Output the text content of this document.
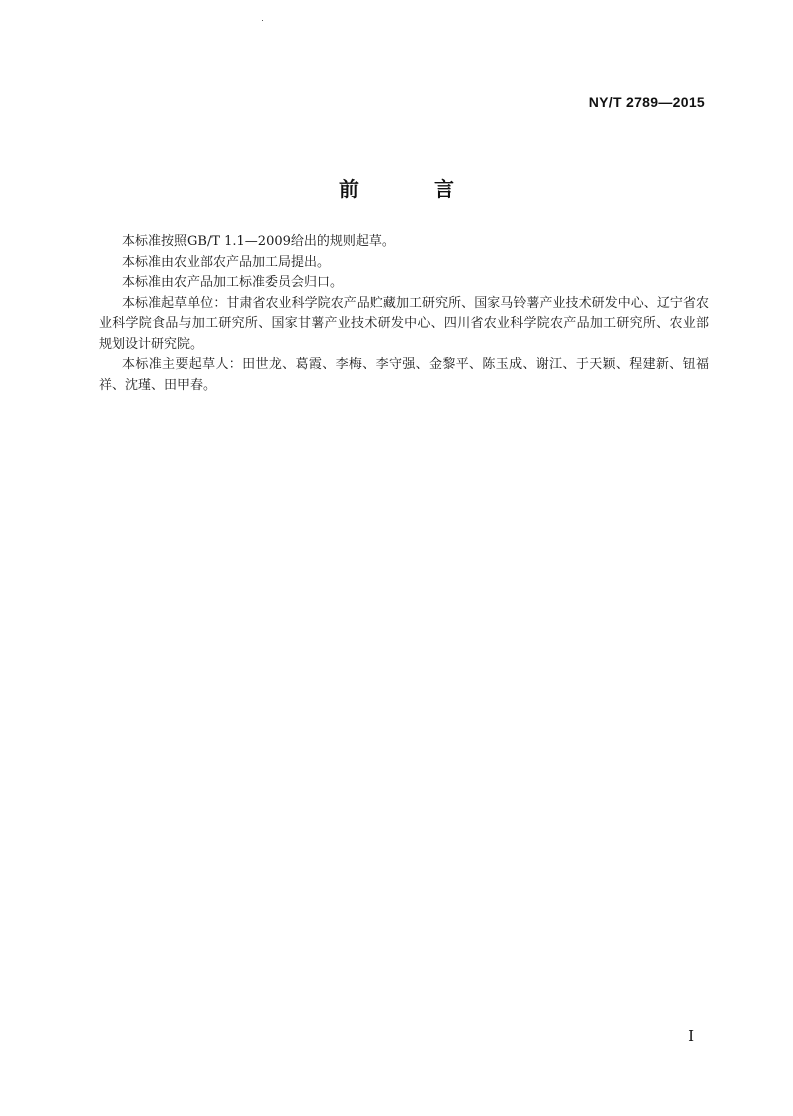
NY/T 2789—2015
前 言

本标准按照GB/T 1.1—2009给出的规则起草。

本标准由农业部农产品加工局提出。

本标准由农产品加工标准委员会归口。

本标准起草单位：甘肃省农业科学院农产品贮藏加工研究所、国家马铃薯产业技术研发中心、辽宁省农业科学院食品与加工研究所、国家甘薯产业技术研发中心、四川省农业科学院农产品加工研究所、农业部规划设计研究院。

本标准主要起草人：田世龙、葛霞、李梅、李守强、金黎平、陈玉成、谢江、于天颖、程建新、钮福祥、沈瑾、田甲春。

I
